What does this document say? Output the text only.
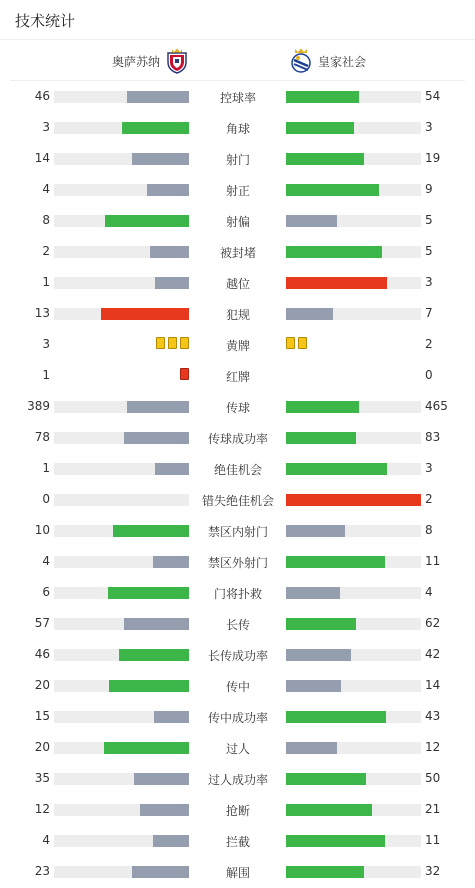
技术统计
奥萨苏纳	皇家社会
46	控球率	54
3	角球	3
14	射门	19
4	射正	9
8	射偏	5
2	被封堵	5
1	越位	3
13	犯规	7
3	黄牌	2
1	红牌	0
389	传球	465
78	传球成功率	83
1	绝佳机会	3
0	错失绝佳机会	2
10	禁区内射门	8
4	禁区外射门	11
6	门将扑救	4
57	长传	62
46	长传成功率	42
20	传中	14
15	传中成功率	43
20	过人	12
35	过人成功率	50
12	抢断	21
4	拦截	11
23	解围	32
